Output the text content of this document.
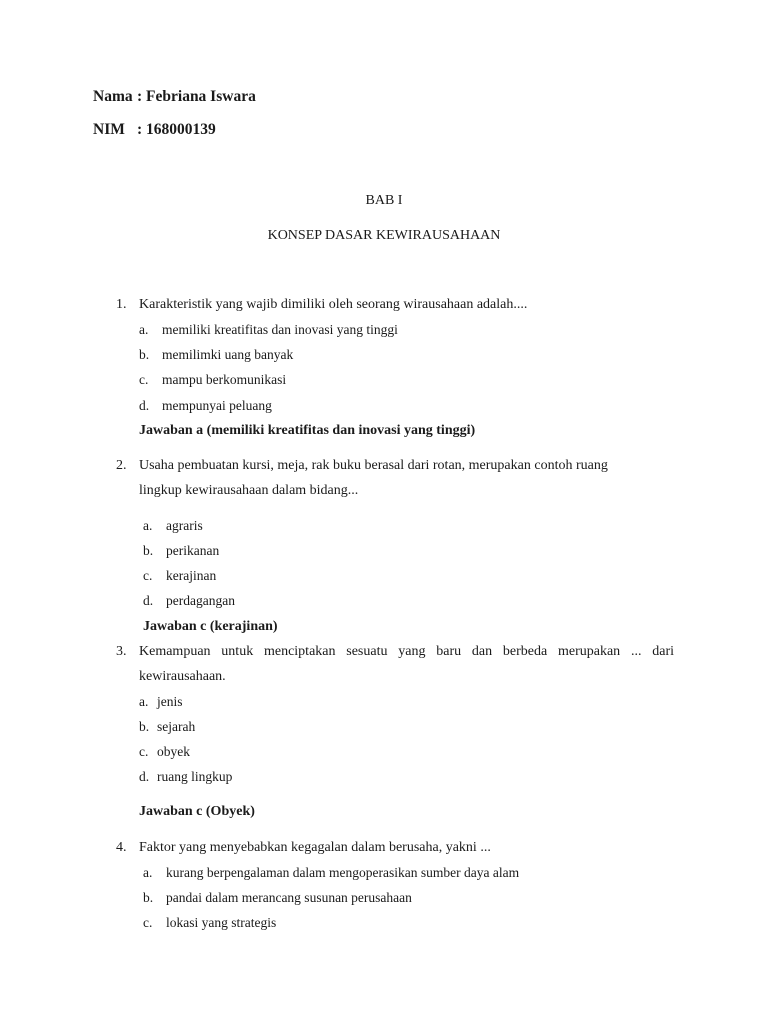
Nama : Febriana Iswara
NIM : 168000139
BAB I
KONSEP DASAR KEWIRAUSAHAAN
1. Karakteristik yang wajib dimiliki oleh seorang wirausahaan adalah....
a. memiliki kreatifitas dan inovasi yang tinggi
b. memilimki uang banyak
c. mampu berkomunikasi
d. mempunyai peluang
Jawaban a (memiliki kreatifitas dan inovasi yang tinggi)
2. Usaha pembuatan kursi, meja, rak buku berasal dari rotan, merupakan contoh ruang
lingkup kewirausahaan dalam bidang...
a. agraris
b. perikanan
c. kerajinan
d. perdagangan
Jawaban c (kerajinan)
3. Kemampuan untuk menciptakan sesuatu yang baru dan berbeda merupakan ... dari
kewirausahaan.
a. jenis
b. sejarah
c. obyek
d. ruang lingkup
Jawaban c (Obyek)
4. Faktor yang menyebabkan kegagalan dalam berusaha, yakni ...
a. kurang berpengalaman dalam mengoperasikan sumber daya alam
b. pandai dalam merancang susunan perusahaan
c. lokasi yang strategis
